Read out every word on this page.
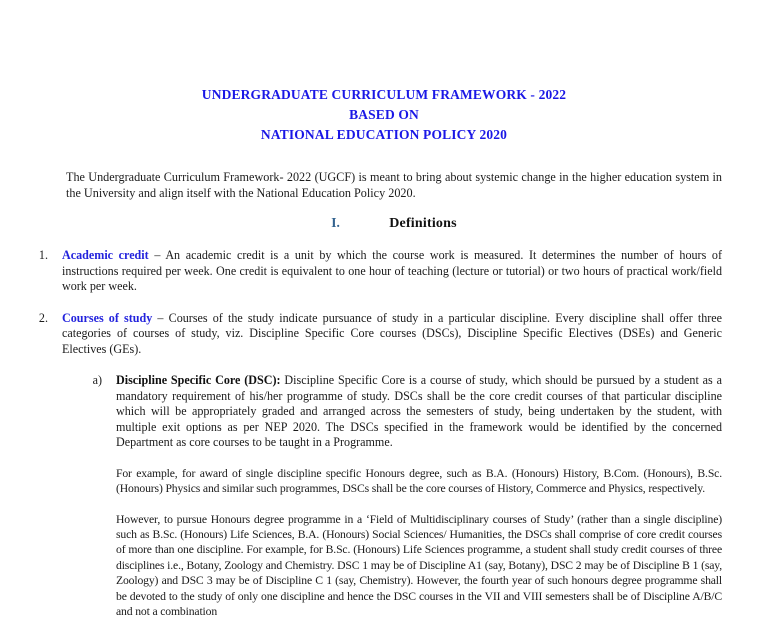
UNDERGRADUATE CURRICULUM FRAMEWORK - 2022
BASED ON
NATIONAL EDUCATION POLICY 2020

The Undergraduate Curriculum Framework- 2022 (UGCF) is meant to bring about systemic change in the higher education system in the University and align itself with the National Education Policy 2020.

I.	Definitions
1. Academic credit – An academic credit is a unit by which the course work is measured. It determines the number of hours of instructions required per week. One credit is equivalent to one hour of teaching (lecture or tutorial) or two hours of practical work/field work per week.
2. Courses of study – Courses of the study indicate pursuance of study in a particular discipline. Every discipline shall offer three categories of courses of study, viz. Discipline Specific Core courses (DSCs), Discipline Specific Electives (DSEs) and Generic Electives (GEs).
a) Discipline Specific Core (DSC): Discipline Specific Core is a course of study, which should be pursued by a student as a mandatory requirement of his/her programme of study. DSCs shall be the core credit courses of that particular discipline which will be appropriately graded and arranged across the semesters of study, being undertaken by the student, with multiple exit options as per NEP 2020. The DSCs specified in the framework would be identified by the concerned Department as core courses to be taught in a Programme.

For example, for award of single discipline specific Honours degree, such as B.A. (Honours) History, B.Com. (Honours), B.Sc. (Honours) Physics and similar such programmes, DSCs shall be the core courses of History, Commerce and Physics, respectively.

However, to pursue Honours degree programme in a ‘Field of Multidisciplinary courses of Study’ (rather than a single discipline) such as B.Sc. (Honours) Life Sciences, B.A. (Honours) Social Sciences/ Humanities, the DSCs shall comprise of core credit courses of more than one discipline. For example, for B.Sc. (Honours) Life Sciences programme, a student shall study credit courses of three disciplines i.e., Botany, Zoology and Chemistry. DSC 1 may be of Discipline A1 (say, Botany), DSC 2 may be of Discipline B 1 (say, Zoology) and DSC 3 may be of Discipline C 1 (say, Chemistry). However, the fourth year of such honours degree programme shall be devoted to the study of only one discipline and hence the DSC courses in the VII and VIII semesters shall be of Discipline A/B/C and not a combination
